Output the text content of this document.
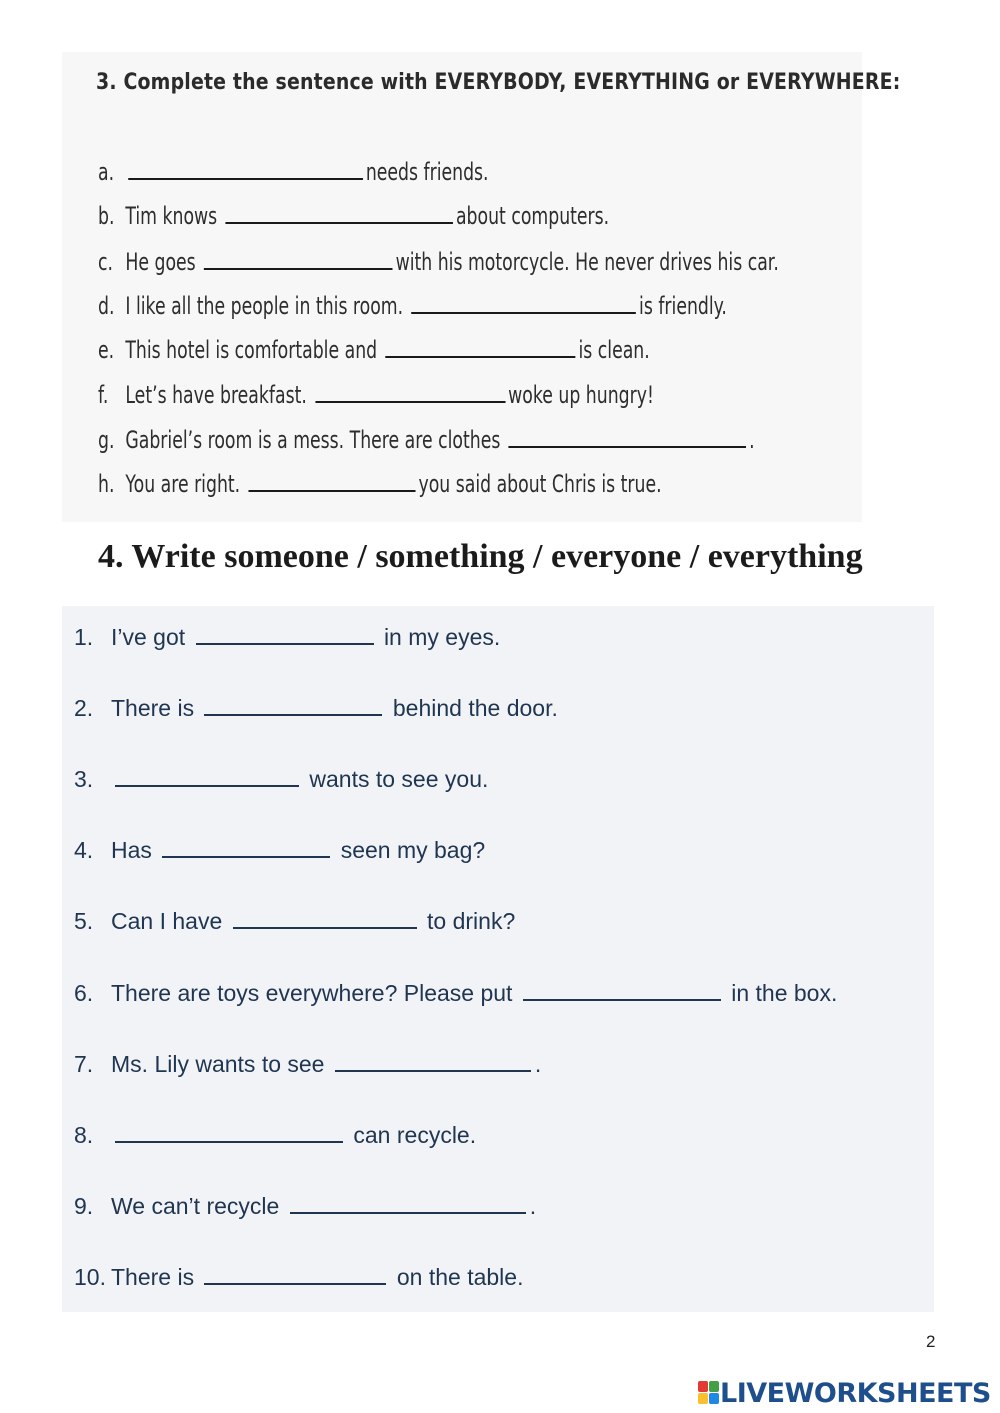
3. Complete the sentence with EVERYBODY, EVERYTHING or EVERYWHERE:
a.	needs friends.
b. Tim knows	about computers.
c. He goes	with his motorcycle. He never drives his car.
d. I like all the people in this room.	is friendly.
e. This hotel is comfortable and	is clean.
f. Let’s have breakfast.	woke up hungry!
g. Gabriel’s room is a mess. There are clothes	.
h. You are right.	you said about Chris is true.
4. Write someone / something / everyone / everything
1. I’ve got	in my eyes.
2. There is	behind the door.
3.	wants to see you.
4. Has	seen my bag?
5. Can I have	to drink?
6. There are toys everywhere? Please put	in the box.
7. Ms. Lily wants to see	.
8.	can recycle.
9. We can’t recycle	.
10. There is	on the table.
2
LIVEWORKSHEETS
